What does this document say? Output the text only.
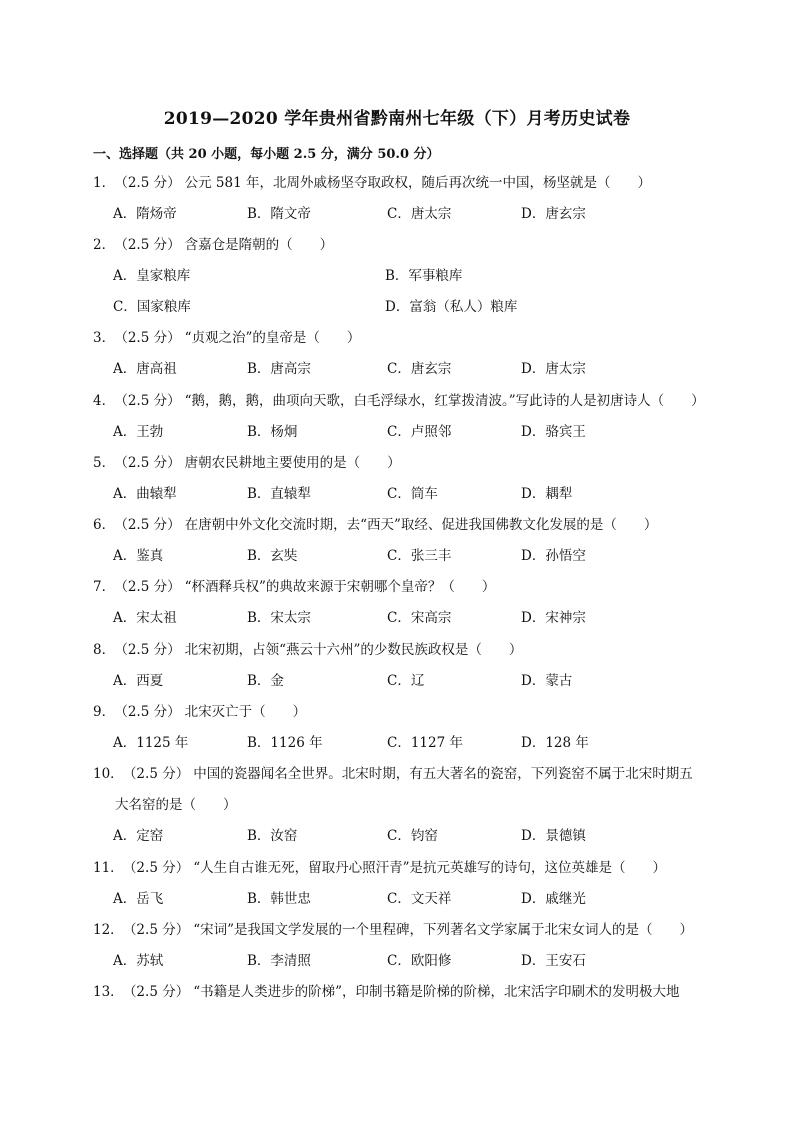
2019—2020 学年贵州省黔南州七年级（下）月考历史试卷
一、选择题（共 20 小题，每小题 2.5 分，满分 50.0 分）
1． （2.5 分） 公元 581 年，北周外戚杨坚夺取政权，随后再次统一中国，杨坚就是（　　）
A．隋炀帝	B．隋文帝	C．唐太宗	D．唐玄宗
2． （2.5 分） 含嘉仓是隋朝的（　　）
A．皇家粮库	B．军事粮库
C．国家粮库	D．富翁（私人）粮库
3． （2.5 分） “贞观之治”的皇帝是（　　）
A．唐高祖	B．唐高宗	C．唐玄宗	D．唐太宗
4． （2.5 分） “鹅，鹅，鹅，曲项向天歌，白毛浮绿水，红掌拨清波。”写此诗的人是初唐诗人（　　）
A．王勃	B．杨炯	C．卢照邻	D．骆宾王
5． （2.5 分） 唐朝农民耕地主要使用的是（　　）
A．曲辕犁	B．直辕犁	C．筒车	D．耦犁
6． （2.5 分） 在唐朝中外文化交流时期，去“西天”取经、促进我国佛教文化发展的是（　　）
A．鉴真	B．玄奘	C．张三丰	D．孙悟空
7． （2.5 分） “杯酒释兵权”的典故来源于宋朝哪个皇帝？（　　）
A．宋太祖	B．宋太宗	C．宋高宗	D．宋神宗
8． （2.5 分） 北宋初期，占领“燕云十六州”的少数民族政权是（　　）
A．西夏	B．金	C．辽	D．蒙古
9． （2.5 分） 北宋灭亡于（　　）
A．1125 年	B．1126 年	C．1127 年	D．128 年
10． （2.5 分） 中国的瓷器闻名全世界。北宋时期，有五大著名的瓷窑，下列瓷窑不属于北宋时期五
大名窑的是（　　）
A．定窑	B．汝窑	C．钧窑	D．景德镇
11． （2.5 分） “人生自古谁无死，留取丹心照汗青”是抗元英雄写的诗句，这位英雄是（　　）
A．岳飞	B．韩世忠	C．文天祥	D．戚继光
12． （2.5 分） “宋词”是我国文学发展的一个里程碑，下列著名文学家属于北宋女词人的是（　　）
A．苏轼	B．李清照	C．欧阳修	D．王安石
13． （2.5 分） “书籍是人类进步的阶梯”，印制书籍是阶梯的阶梯，北宋活字印刷术的发明极大地
